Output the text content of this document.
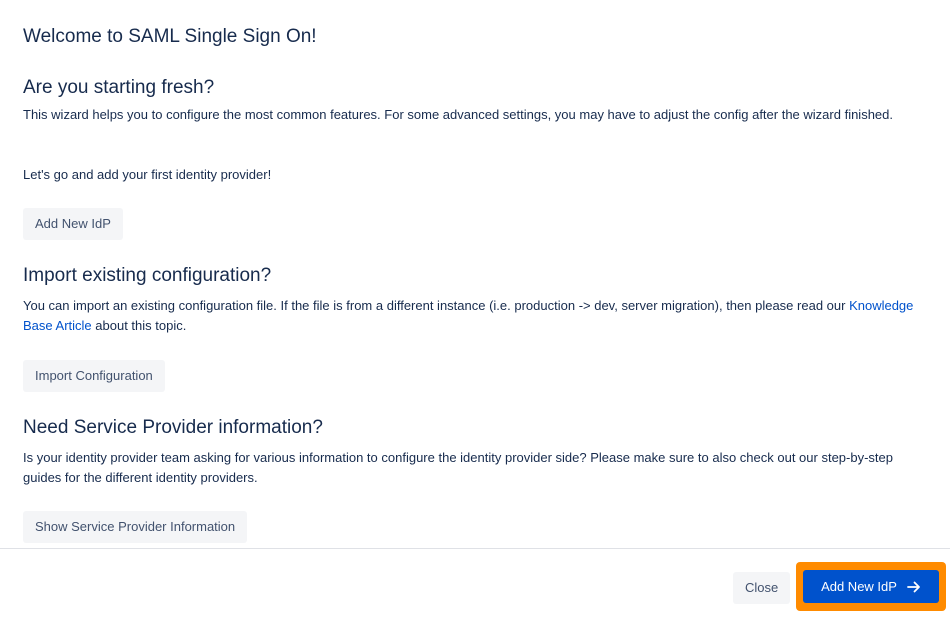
Welcome to SAML Single Sign On!
Are you starting fresh?

This wizard helps you to configure the most common features. For some advanced settings, you may have to adjust the config after the wizard finished.

Let's go and add your first identity provider!

Add New IdP
Import existing configuration?

You can import an existing configuration file. If the file is from a different instance (i.e. production -> dev, server migration), then please read our Knowledge Base Article about this topic.

Import Configuration
Need Service Provider information?

Is your identity provider team asking for various information to configure the identity provider side? Please make sure to also check out our step-by-step guides for the different identity providers.

Show Service Provider Information
Close	Add New IdP
